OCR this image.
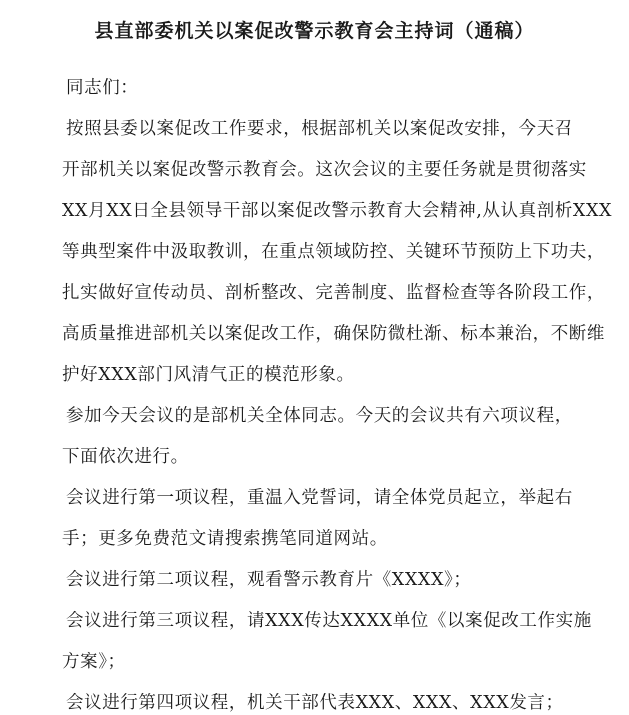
县直部委机关以案促改警示教育会主持词（通稿）
同志们：
按照县委以案促改工作要求，根据部机关以案促改安排，今天召
开部机关以案促改警示教育会。这次会议的主要任务就是贯彻落实
XX月XX日全县领导干部以案促改警示教育大会精神,从认真剖析XXX
等典型案件中汲取教训，在重点领域防控、关键环节预防上下功夫，
扎实做好宣传动员、剖析整改、完善制度、监督检查等各阶段工作，
高质量推进部机关以案促改工作，确保防微杜渐、标本兼治，不断维
护好XXX部门风清气正的模范形象。
参加今天会议的是部机关全体同志。今天的会议共有六项议程，
下面依次进行。
会议进行第一项议程，重温入党誓词，请全体党员起立，举起右
手；更多免费范文请搜索携笔同道网站。
会议进行第二项议程，观看警示教育片《XXXX》；
会议进行第三项议程，请XXX传达XXXX单位《以案促改工作实施
方案》；
会议进行第四项议程，机关干部代表XXX、XXX、XXX发言；
